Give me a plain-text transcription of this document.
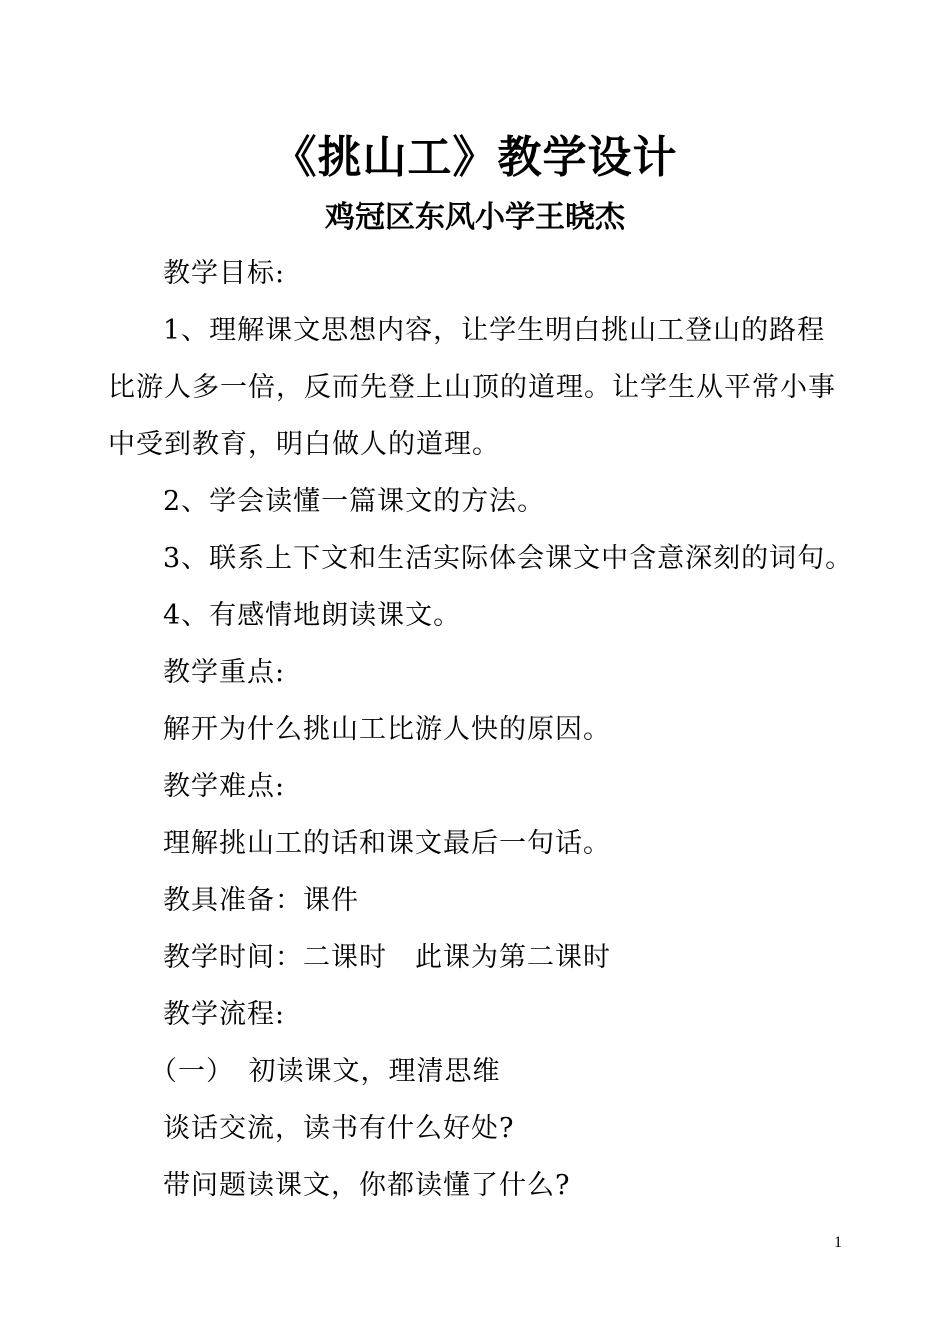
《挑山工》教学设计
鸡冠区东风小学王晓杰
教学目标:
1、理解课文思想内容，让学生明白挑山工登山的路程
比游人多一倍，反而先登上山顶的道理。让学生从平常小事
中受到教育，明白做人的道理。
2、学会读懂一篇课文的方法。
3、联系上下文和生活实际体会课文中含意深刻的词句。
4、有感情地朗读课文。
教学重点:
解开为什么挑山工比游人快的原因。
教学难点:
理解挑山工的话和课文最后一句话。
教具准备：课件
教学时间：二课时　此课为第二课时
教学流程:
（一）　初读课文，理清思维
谈话交流，读书有什么好处?
带问题读课文，你都读懂了什么?
1
